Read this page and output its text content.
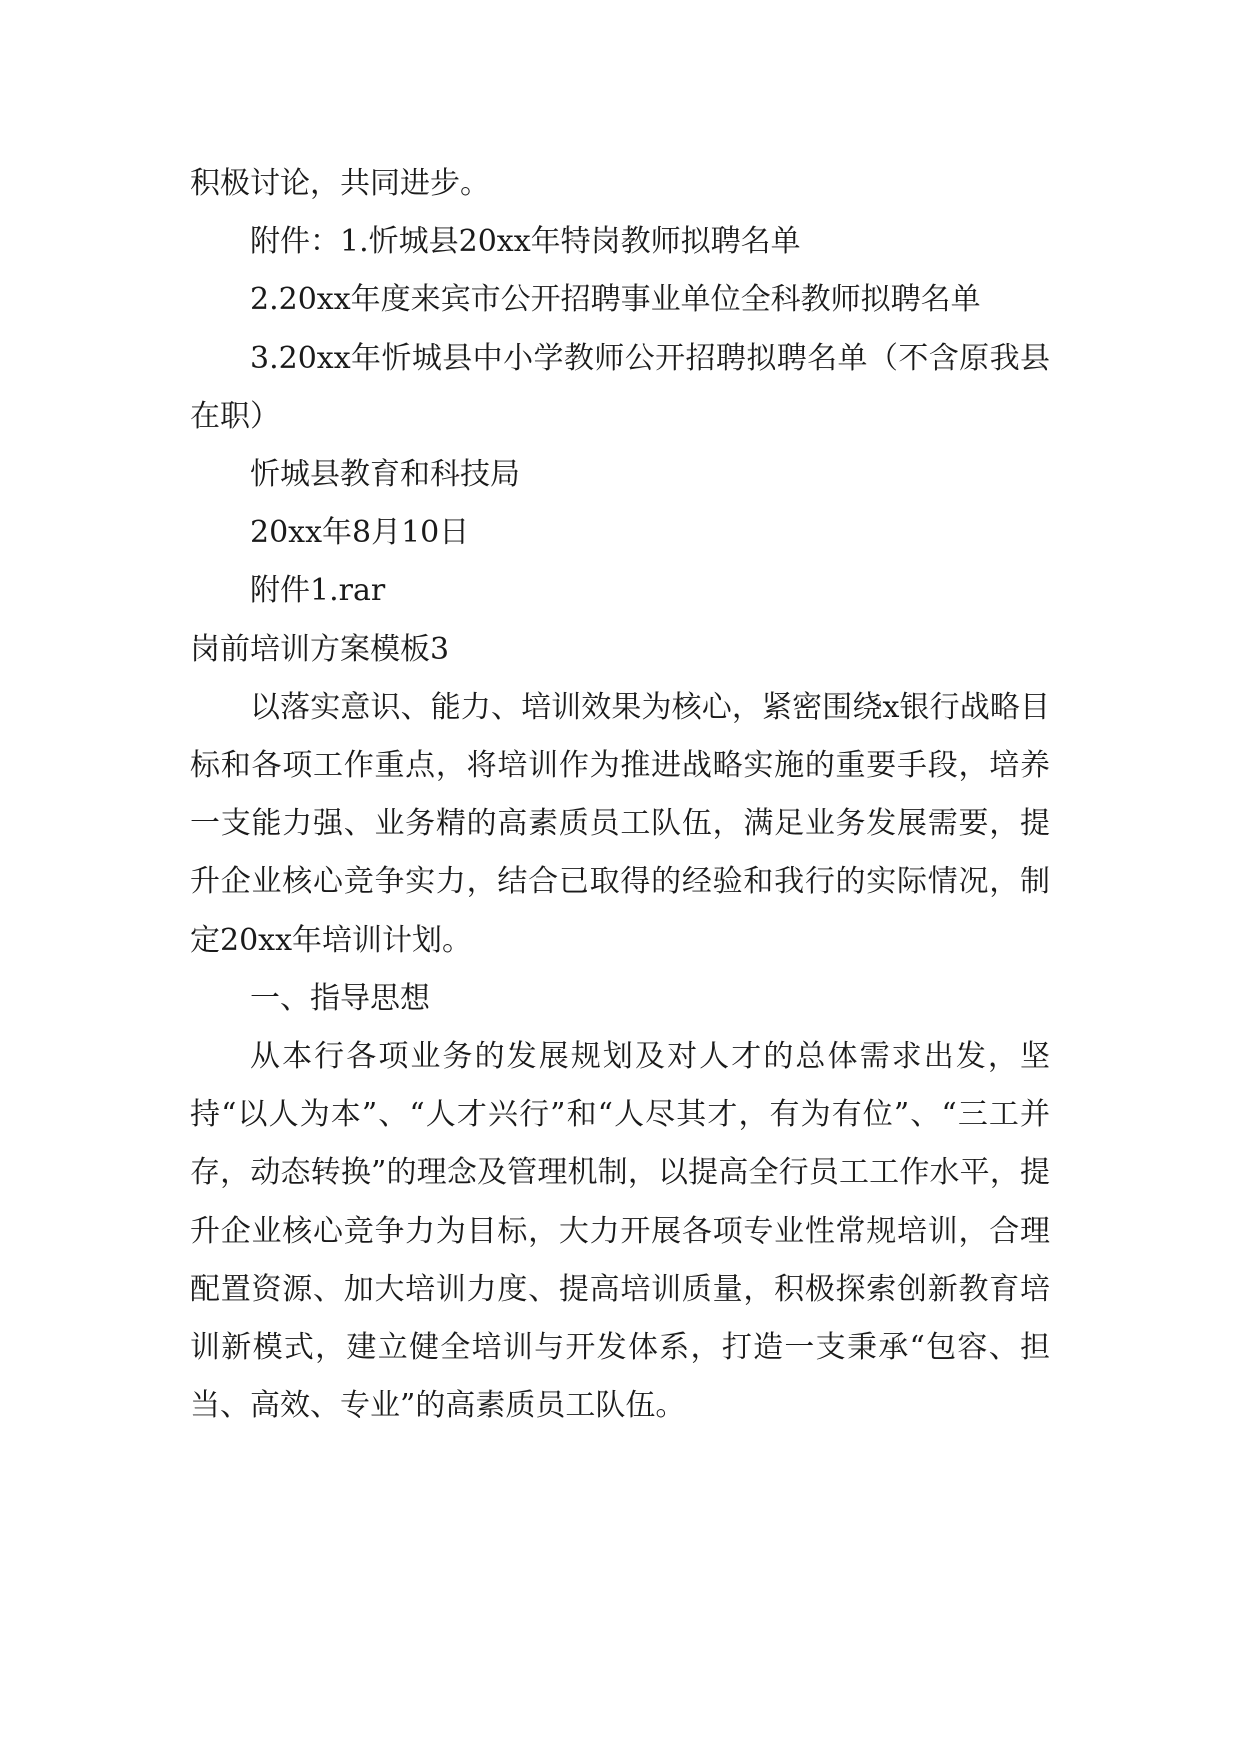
积极讨论，共同进步。

附件：1.忻城县20xx年特岗教师拟聘名单

2.20xx年度来宾市公开招聘事业单位全科教师拟聘名单

3.20xx年忻城县中小学教师公开招聘拟聘名单（不含原我县在职）

忻城县教育和科技局

20xx年8月10日

附件1.rar

岗前培训方案模板3

以落实意识、能力、培训效果为核心，紧密围绕x银行战略目标和各项工作重点，将培训作为推进战略实施的重要手段，培养一支能力强、业务精的高素质员工队伍，满足业务发展需要，提升企业核心竞争实力，结合已取得的经验和我行的实际情况，制定20xx年培训计划。

一、指导思想

从本行各项业务的发展规划及对人才的总体需求出发，坚持“以人为本”、“人才兴行”和“人尽其才，有为有位”、“三工并存，动态转换”的理念及管理机制，以提高全行员工工作水平，提升企业核心竞争力为目标，大力开展各项专业性常规培训，合理配置资源、加大培训力度、提高培训质量，积极探索创新教育培训新模式，建立健全培训与开发体系，打造一支秉承“包容、担当、高效、专业”的高素质员工队伍。
